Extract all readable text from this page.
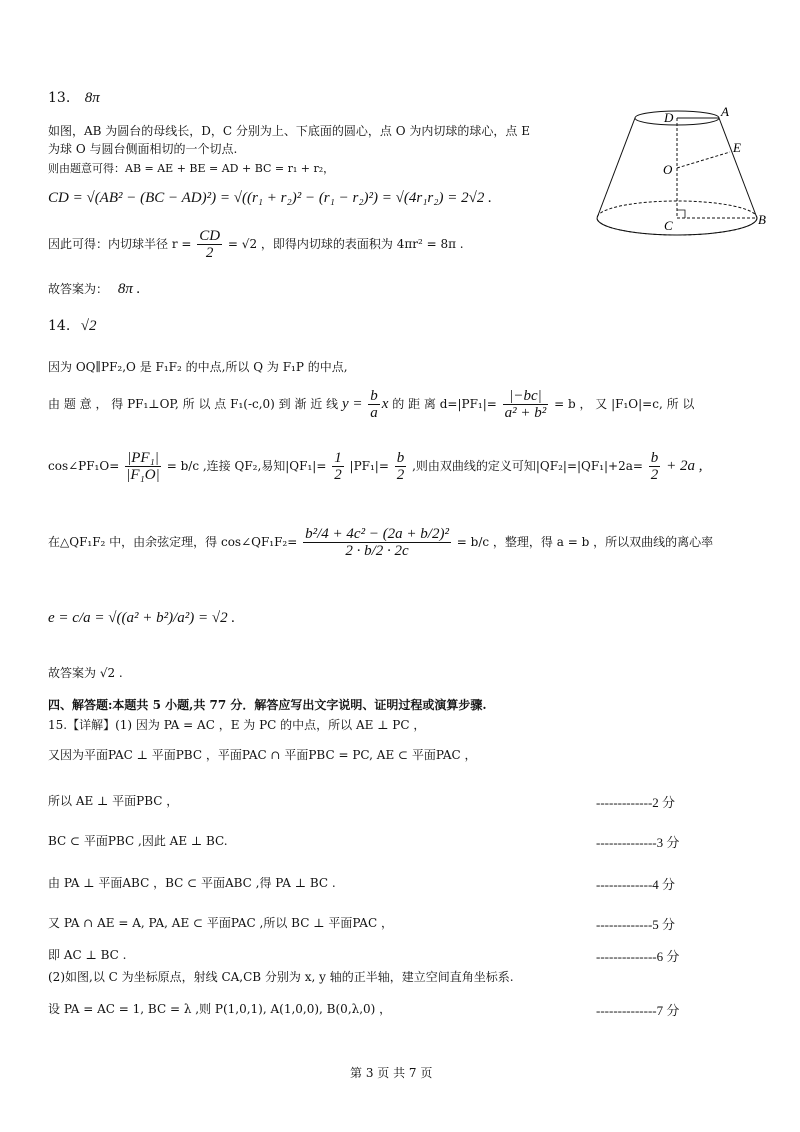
13. 8π
如图，AB 为圆台的母线长，D，C 分别为上、下底面的圆心，点 O 为内切球的球心，点 E
为球 O 与圆台侧面相切的一个切点.
则由题意可得：AB = AE + BE = AD + BC = r₁ + r₂，
CD = √(AB² − (BC − AD)²) = √((r₁ + r₂)² − (r₁ − r₂)²) = √(4r₁r₂) = 2√2 .
因此可得：内切球半径 $r = \frac{CD}{2} = √2$ ，即得内切球的表面积为 4πr² = 8π .
故答案为： 8π .
D	A
E
O
C	B
14. √2
因为 OQ∥PF₂,O 是 F₁F₂ 的中点,所以 Q 为 F₁P 的中点,
由 题 意 ， 得 PF₁⊥OP, 所 以 点 F₁(-c,0) 到 渐 近 线 $y = \frac{b}{a}$ x 的 距 离 $d=|PF_1|= \frac{|-bc|}{\text{a² + b²}} = b$ ， 又 |F₁O|=c, 所 以
cos∠PF₁O= $\frac{\text{|PF₁|}}{\text{|F₁O|}} = b/c$ ,连接 QF₂,易知$|QF_1|= \frac{1}{2} |PF_1|= \frac{b}{2}$ ,则由双曲线的定义可知$|QF_2|=|QF_1|+2a= \frac{b}{2} + 2a$ ,
在△QF₁F₂ 中，由余弦定理，得 cos∠QF₁F₂= $\frac{\text{b²/4 + 4c² − (2a + b/2)²}}{2 \cdot b/2 \cdot 2c} = b/c$ ，整理，得 a = b ，所以双曲线的离心率
e = c/a = √((a² + b²)/a²) = √2 .
故答案为 √2 .
四、解答题:本题共 5 小题,共 77 分．解答应写出文字说明、证明过程或演算步骤.
15.【详解】(1) 因为 PA = AC ，E 为 PC 的中点，所以 AE ⊥ PC ，
又因为平面PAC ⊥ 平面PBC ，平面PAC ∩ 平面PBC = PC, AE ⊂ 平面PAC ，
所以 AE ⊥ 平面PBC ，	-------------2 分
BC ⊂ 平面PBC ,因此 AE ⊥ BC.	--------------3 分
由 PA ⊥ 平面ABC ，BC ⊂ 平面ABC ,得 PA ⊥ BC .	-------------4 分
又 PA ∩ AE = A, PA, AE ⊂ 平面PAC ,所以 BC ⊥ 平面PAC ，	-------------5 分
即 AC ⊥ BC .	--------------6 分
(2)如图,以 C 为坐标原点，射线 CA,CB 分别为 x, y 轴的正半轴，建立空间直角坐标系.
设 PA = AC = 1, BC = λ ,则 P(1,0,1), A(1,0,0), B(0,λ,0) ，	--------------7 分
第 3 页 共 7 页
